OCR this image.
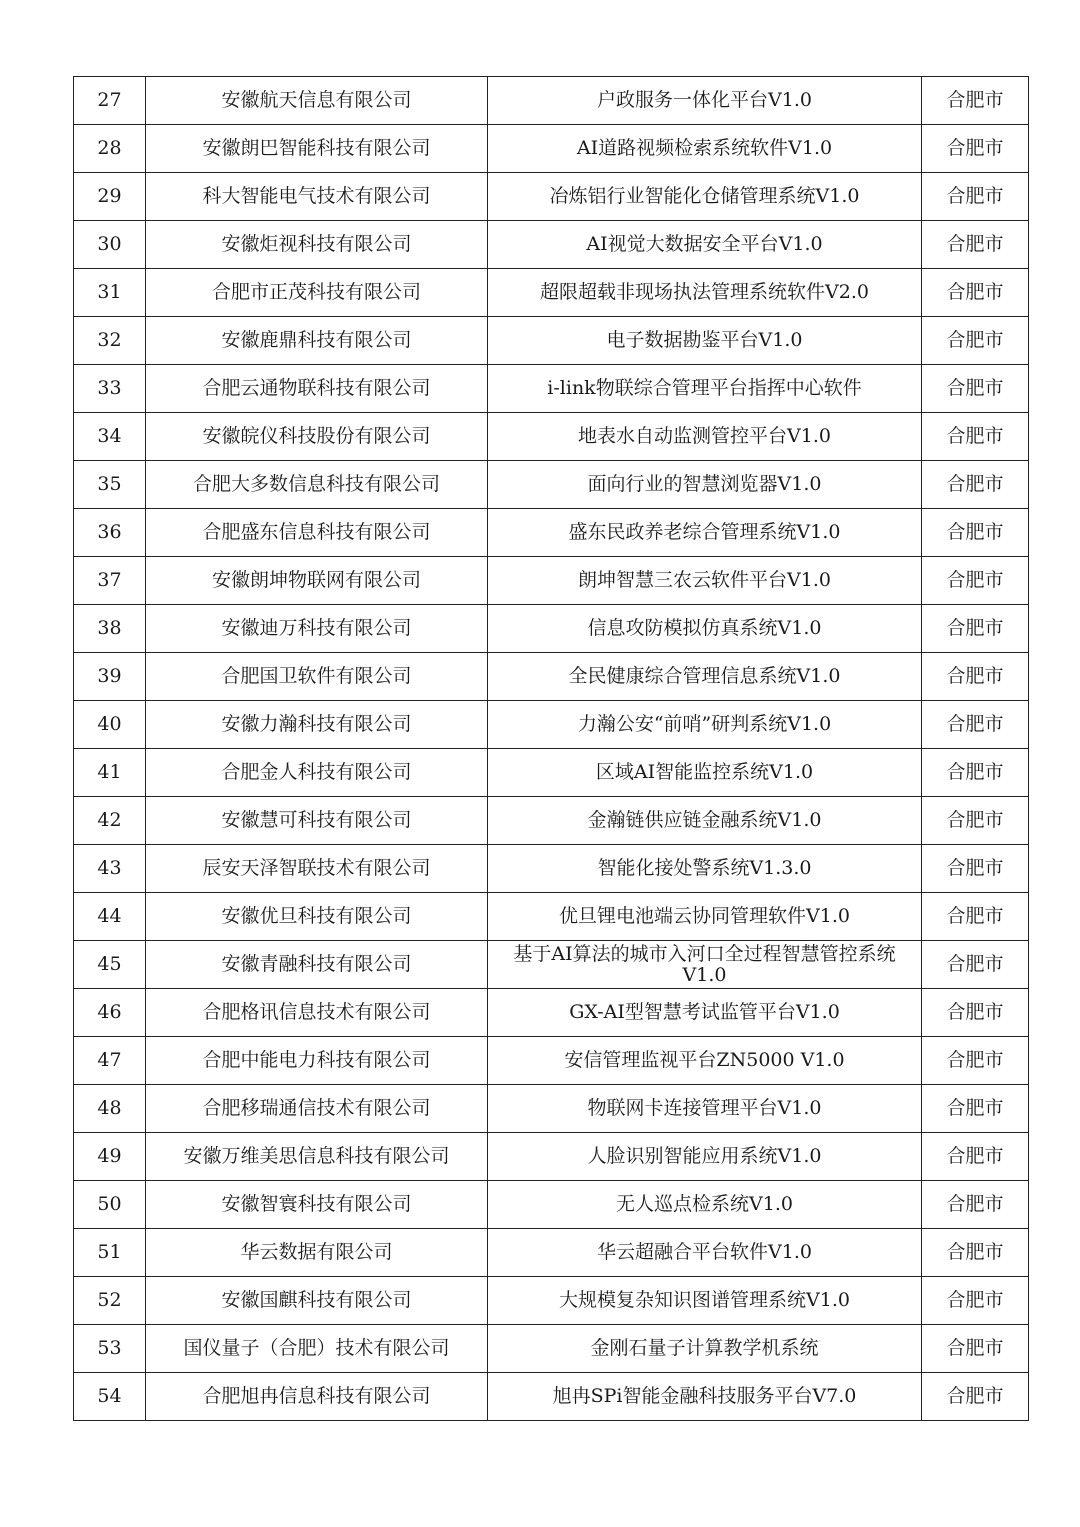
27	安徽航天信息有限公司	户政服务一体化平台V1.0	合肥市
28	安徽朗巴智能科技有限公司	AI道路视频检索系统软件V1.0	合肥市
29	科大智能电气技术有限公司	冶炼铝行业智能化仓储管理系统V1.0	合肥市
30	安徽炬视科技有限公司	AI视觉大数据安全平台V1.0	合肥市
31	合肥市正茂科技有限公司	超限超载非现场执法管理系统软件V2.0	合肥市
32	安徽鹿鼎科技有限公司	电子数据勘鉴平台V1.0	合肥市
33	合肥云通物联科技有限公司	i-link物联综合管理平台指挥中心软件	合肥市
34	安徽皖仪科技股份有限公司	地表水自动监测管控平台V1.0	合肥市
35	合肥大多数信息科技有限公司	面向行业的智慧浏览器V1.0	合肥市
36	合肥盛东信息科技有限公司	盛东民政养老综合管理系统V1.0	合肥市
37	安徽朗坤物联网有限公司	朗坤智慧三农云软件平台V1.0	合肥市
38	安徽迪万科技有限公司	信息攻防模拟仿真系统V1.0	合肥市
39	合肥国卫软件有限公司	全民健康综合管理信息系统V1.0	合肥市
40	安徽力瀚科技有限公司	力瀚公安“前哨”研判系统V1.0	合肥市
41	合肥金人科技有限公司	区域AI智能监控系统V1.0	合肥市
42	安徽慧可科技有限公司	金瀚链供应链金融系统V1.0	合肥市
43	辰安天泽智联技术有限公司	智能化接处警系统V1.3.0	合肥市
44	安徽优旦科技有限公司	优旦锂电池端云协同管理软件V1.0	合肥市
45	安徽青融科技有限公司	基于AI算法的城市入河口全过程智慧管控系统V1.0	合肥市
46	合肥格讯信息技术有限公司	GX-AI型智慧考试监管平台V1.0	合肥市
47	合肥中能电力科技有限公司	安信管理监视平台ZN5000 V1.0	合肥市
48	合肥移瑞通信技术有限公司	物联网卡连接管理平台V1.0	合肥市
49	安徽万维美思信息科技有限公司	人脸识别智能应用系统V1.0	合肥市
50	安徽智寰科技有限公司	无人巡点检系统V1.0	合肥市
51	华云数据有限公司	华云超融合平台软件V1.0	合肥市
52	安徽国麒科技有限公司	大规模复杂知识图谱管理系统V1.0	合肥市
53	国仪量子（合肥）技术有限公司	金刚石量子计算教学机系统	合肥市
54	合肥旭冉信息科技有限公司	旭冉SPi智能金融科技服务平台V7.0	合肥市
